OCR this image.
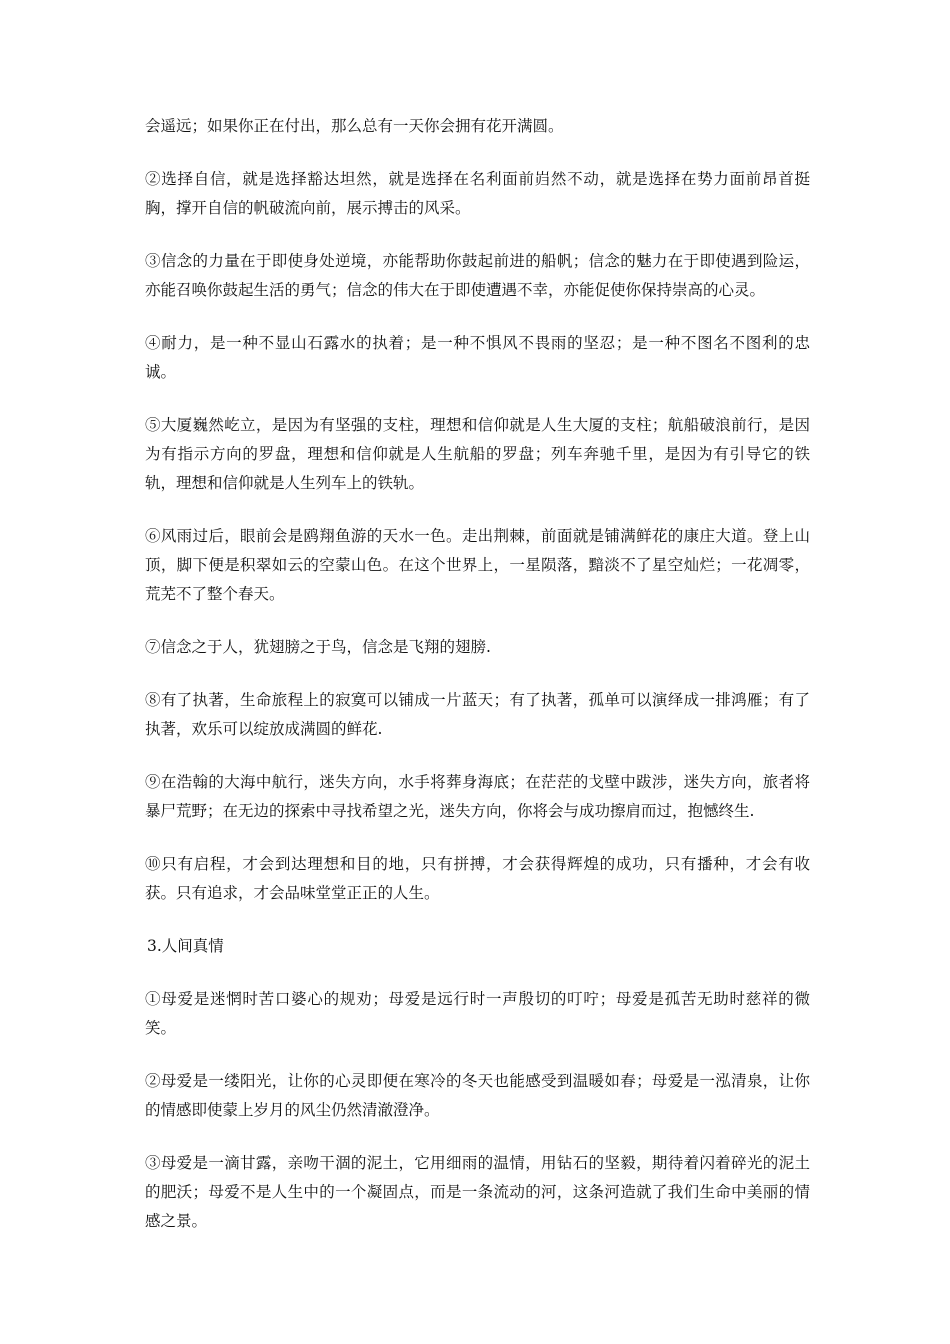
会遥远；如果你正在付出，那么总有一天你会拥有花开满圆。

②选择自信，就是选择豁达坦然，就是选择在名利面前岿然不动，就是选择在势力面前昂首挺胸，撑开自信的帆破流向前，展示搏击的风采。

③信念的力量在于即使身处逆境，亦能帮助你鼓起前进的船帆；信念的魅力在于即使遇到险运，亦能召唤你鼓起生活的勇气；信念的伟大在于即使遭遇不幸，亦能促使你保持崇高的心灵。

④耐力，是一种不显山石露水的执着；是一种不惧风不畏雨的坚忍；是一种不图名不图利的忠诚。

⑤大厦巍然屹立，是因为有坚强的支柱，理想和信仰就是人生大厦的支柱；航船破浪前行，是因为有指示方向的罗盘，理想和信仰就是人生航船的罗盘；列车奔驰千里，是因为有引导它的铁轨，理想和信仰就是人生列车上的铁轨。

⑥风雨过后，眼前会是鸥翔鱼游的天水一色。走出荆棘，前面就是铺满鲜花的康庄大道。登上山顶，脚下便是积翠如云的空蒙山色。在这个世界上，一星陨落，黯淡不了星空灿烂；一花凋零，荒芜不了整个春天。

⑦信念之于人，犹翅膀之于鸟，信念是飞翔的翅膀.

⑧有了执著，生命旅程上的寂寞可以铺成一片蓝天；有了执著，孤单可以演绎成一排鸿雁；有了执著，欢乐可以绽放成满圆的鲜花.

⑨在浩翰的大海中航行，迷失方向，水手将葬身海底；在茫茫的戈壁中跋涉，迷失方向，旅者将暴尸荒野；在无边的探索中寻找希望之光，迷失方向，你将会与成功擦肩而过，抱憾终生.

⑩只有启程，才会到达理想和目的地，只有拼搏，才会获得辉煌的成功，只有播种，才会有收获。只有追求，才会品味堂堂正正的人生。

3.人间真情

①母爱是迷惘时苦口婆心的规劝；母爱是远行时一声殷切的叮咛；母爱是孤苦无助时慈祥的微笑。

②母爱是一缕阳光，让你的心灵即便在寒冷的冬天也能感受到温暖如春；母爱是一泓清泉，让你的情感即使蒙上岁月的风尘仍然清澈澄净。

③母爱是一滴甘露，亲吻干涸的泥土，它用细雨的温情，用钻石的坚毅，期待着闪着碎光的泥土的肥沃；母爱不是人生中的一个凝固点，而是一条流动的河，这条河造就了我们生命中美丽的情感之景。
